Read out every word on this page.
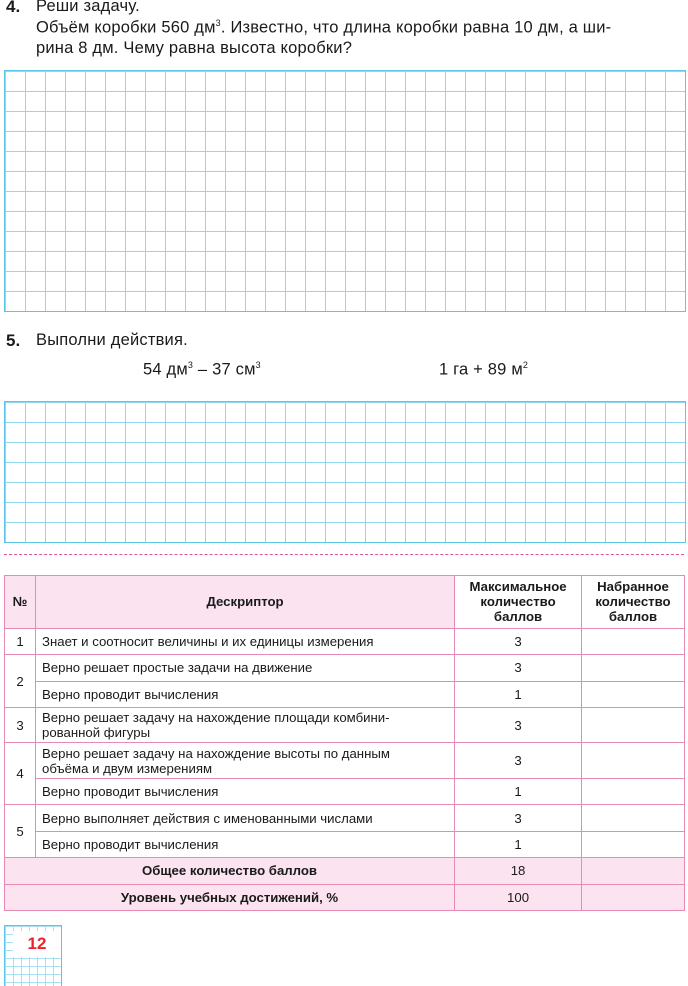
4. Реши задачу.
Объём коробки 560 $дм^3$. Известно, что длина коробки равна 10 дм, а ши-
рина 8 дм. Чему равна высота коробки?
5. Выполни действия.
54 $дм^3 - 37$ $см^3$	1 га + 89 $м^2$
№	Дескриптор	Максимальное количество баллов	Набранное количество баллов
1	Знает и соотносит величины и их единицы измерения	3	
2	Верно решает простые задачи на движение	3	
	Верно проводит вычисления	1	
3	Верно решает задачу на нахождение площади комбини-
рованной фигуры	3	
4	Верно решает задачу на нахождение высоты по данным
объёма и двум измерениям	3	
	Верно проводит вычисления	1	
5	Верно выполняет действия с именованными числами	3	
	Верно проводит вычисления	1	
Общее количество баллов		18	
Уровень учебных достижений, %		100	
12
